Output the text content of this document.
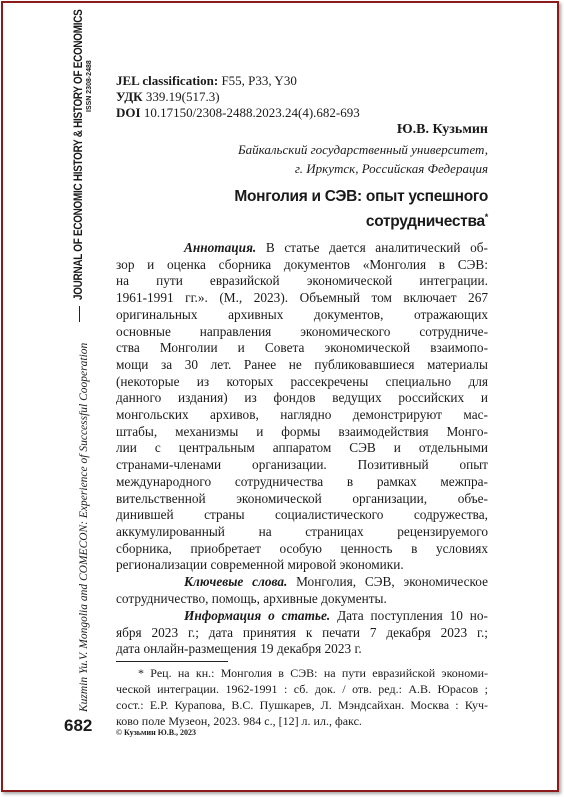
JOURNAL OF ECONOMIC HISTORY & HISTORY OF ECONOMICS ISSN 2308-2488
Kuzmin Yu.V. Mongolia and COMECON: Experience of Successful Cooperation
682
JEL classification: F55, P33, Y30
УДК 339.19(517.3)
DOI 10.17150/2308-2488.2023.24(4).682-693
Ю.В. Кузьмин
Байкальский государственный университет,
г. Иркутск, Российская Федерация
Монголия и СЭВ: опыт успешного
сотрудничества*
Аннотация. В статье дается аналитический об-
зор и оценка сборника документов «Монголия в СЭВ:
на пути евразийской экономической интеграции.
1961-1991 гг.». (М., 2023). Объемный том включает 267
оригинальных архивных документов, отражающих
основные направления экономического сотрудниче-
ства Монголии и Совета экономической взаимопо-
мощи за 30 лет. Ранее не публиковавшиеся материалы
(некоторые из которых рассекречены специально для
данного издания) из фондов ведущих российских и
монгольских архивов, наглядно демонстрируют мас-
штабы, механизмы и формы взаимодействия Монго-
лии с центральным аппаратом СЭВ и отдельными
странами-членами организации. Позитивный опыт
международного сотрудничества в рамках межпра-
вительственной экономической организации, объе-
динившей страны социалистического содружества,
аккумулированный на страницах рецензируемого
сборника, приобретает особую ценность в условиях
регионализации современной мировой экономики.
Ключевые слова. Монголия, СЭВ, экономическое
сотрудничество, помощь, архивные документы.
Информация о статье. Дата поступления 10 но-
ября 2023 г.; дата принятия к печати 7 декабря 2023 г.;
дата онлайн-размещения 19 декабря 2023 г.
* Рец. на кн.: Монголия в СЭВ: на пути евразийской экономи-
ческой интеграции. 1962-1991 : сб. док. / отв. ред.: А.В. Юрасов ;
сост.: Е.Р. Курапова, В.С. Пушкарев, Л. Мэндсайхан. Москва : Куч-
ково поле Музеон, 2023. 984 с., [12] л. ил., факс.
© Кузьмин Ю.В., 2023
